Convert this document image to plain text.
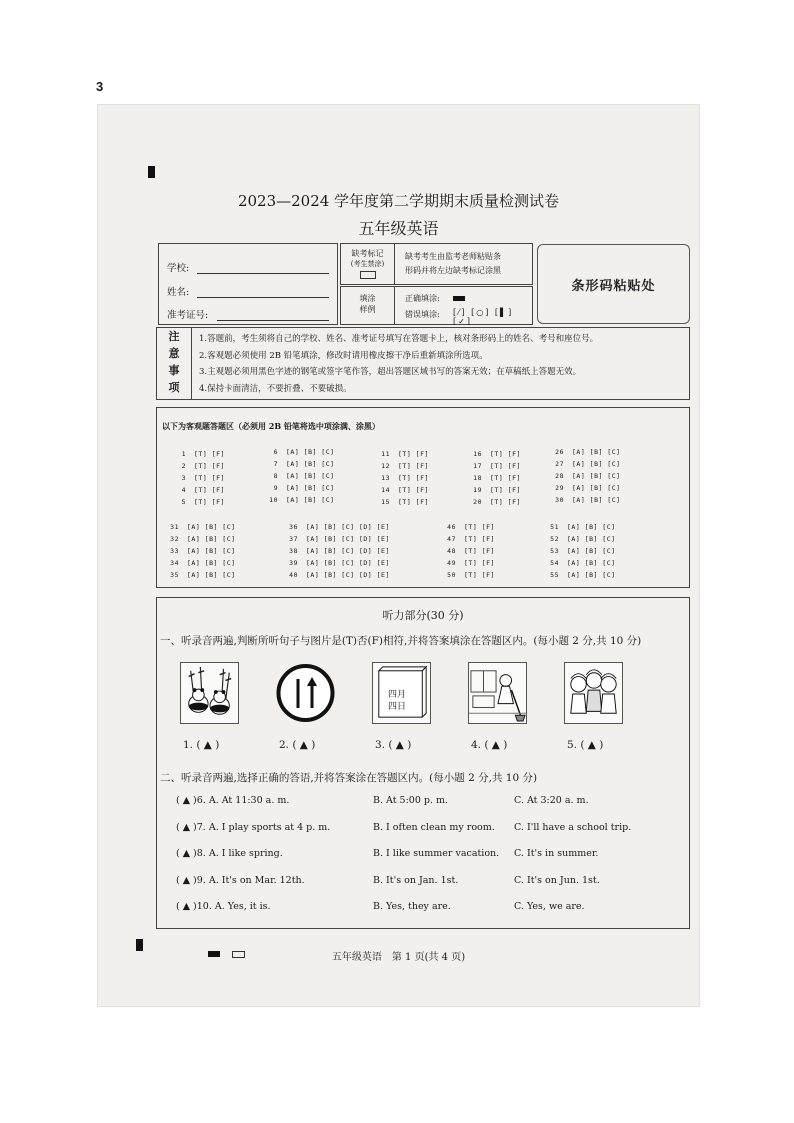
3
2023—2024 学年度第二学期期末质量检测试卷
五年级英语
学校:
姓名:
准考证号:
缺考标记
(考生禁涂)
缺考考生由监考老师粘贴条
形码并将左边缺考标记涂黑
填涂
样例
正确填涂:
错误填涂: [⁄] [○] [▌] [✓]
条形码粘贴处
注
意
事
项
1.答题前，考生须将自己的学校、姓名、准考证号填写在答题卡上，核对条形码上的姓名、考号和座位号。
2.客观题必须使用 2B 铅笔填涂，修改时请用橡皮擦干净后重新填涂所选项。
3.主观题必须用黑色字迹的钢笔或签字笔作答，超出答题区域书写的答案无效；在草稿纸上答题无效。
4.保持卡面清洁，不要折叠、不要破损。
以下为客观题答题区（必须用 2B 铅笔将选中项涂满、涂黑）
1 [T] [F]
2 [T] [F]
3 [T] [F]
4 [T] [F]
5 [T] [F]
6 [A] [B] [C]
7 [A] [B] [C]
8 [A] [B] [C]
9 [A] [B] [C]
10 [A] [B] [C]
11 [T] [F]
12 [T] [F]
13 [T] [F]
14 [T] [F]
15 [T] [F]
16 [T] [F]
17 [T] [F]
18 [T] [F]
19 [T] [F]
20 [T] [F]
26 [A] [B] [C]
27 [A] [B] [C]
28 [A] [B] [C]
29 [A] [B] [C]
30 [A] [B] [C]
31 [A] [B] [C]
32 [A] [B] [C]
33 [A] [B] [C]
34 [A] [B] [C]
35 [A] [B] [C]
36 [A] [B] [C] [D] [E]
37 [A] [B] [C] [D] [E]
38 [A] [B] [C] [D] [E]
39 [A] [B] [C] [D] [E]
40 [A] [B] [C] [D] [E]
46 [T] [F]
47 [T] [F]
48 [T] [F]
49 [T] [F]
50 [T] [F]
51 [A] [B] [C]
52 [A] [B] [C]
53 [A] [B] [C]
54 [A] [B] [C]
55 [A] [B] [C]
听力部分(30 分)
一、听录音两遍,判断所听句子与图片是(T)否(F)相符,并将答案填涂在答题区内。(每小题 2 分,共 10 分)
四月
四日
1. ( ▲ )	2. ( ▲ )	3. ( ▲ )	4. ( ▲ )	5. ( ▲ )
二、听录音两遍,选择正确的答语,并将答案涂在答题区内。(每小题 2 分,共 10 分)
( ▲ )6. A. At 11:30 a. m.	B. At 5:00 p. m.	C. At 3:20 a. m.
( ▲ )7. A. I play sports at 4 p. m.	B. I often clean my room. C. I'll have a school trip.
( ▲ )8. A. I like spring.	B. I like summer vacation. C. It's in summer.
( ▲ )9. A. It's on Mar. 12th.	B. It's on Jan. 1st.	C. It's on Jun. 1st.
( ▲ )10. A. Yes, it is.	B. Yes, they are.	C. Yes, we are.
五年级英语　第 1 页(共 4 页)
